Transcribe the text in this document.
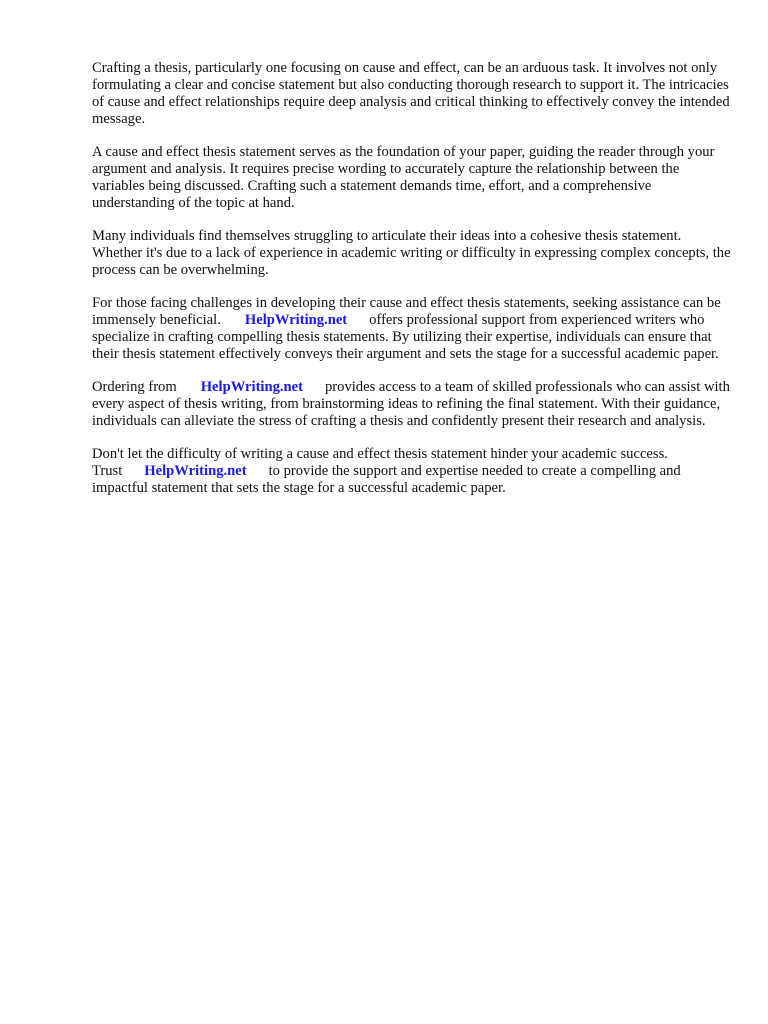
Crafting a thesis, particularly one focusing on cause and effect, can be an arduous task. It involves not only formulating a clear and concise statement but also conducting thorough research to support it. The intricacies of cause and effect relationships require deep analysis and critical thinking to effectively convey the intended message.

A cause and effect thesis statement serves as the foundation of your paper, guiding the reader through your argument and analysis. It requires precise wording to accurately capture the relationship between the variables being discussed. Crafting such a statement demands time, effort, and a comprehensive understanding of the topic at hand.

Many individuals find themselves struggling to articulate their ideas into a cohesive thesis statement. Whether it's due to a lack of experience in academic writing or difficulty in expressing complex concepts, the process can be overwhelming.

For those facing challenges in developing their cause and effect thesis statements, seeking assistance can be immensely beneficial. HelpWriting.net offers professional support from experienced writers who specialize in crafting compelling thesis statements. By utilizing their expertise, individuals can ensure that their thesis statement effectively conveys their argument and sets the stage for a successful academic paper.

Ordering from HelpWriting.net provides access to a team of skilled professionals who can assist with every aspect of thesis writing, from brainstorming ideas to refining the final statement. With their guidance, individuals can alleviate the stress of crafting a thesis and confidently present their research and analysis.

Don't let the difficulty of writing a cause and effect thesis statement hinder your academic success. Trust HelpWriting.net to provide the support and expertise needed to create a compelling and impactful statement that sets the stage for a successful academic paper.
